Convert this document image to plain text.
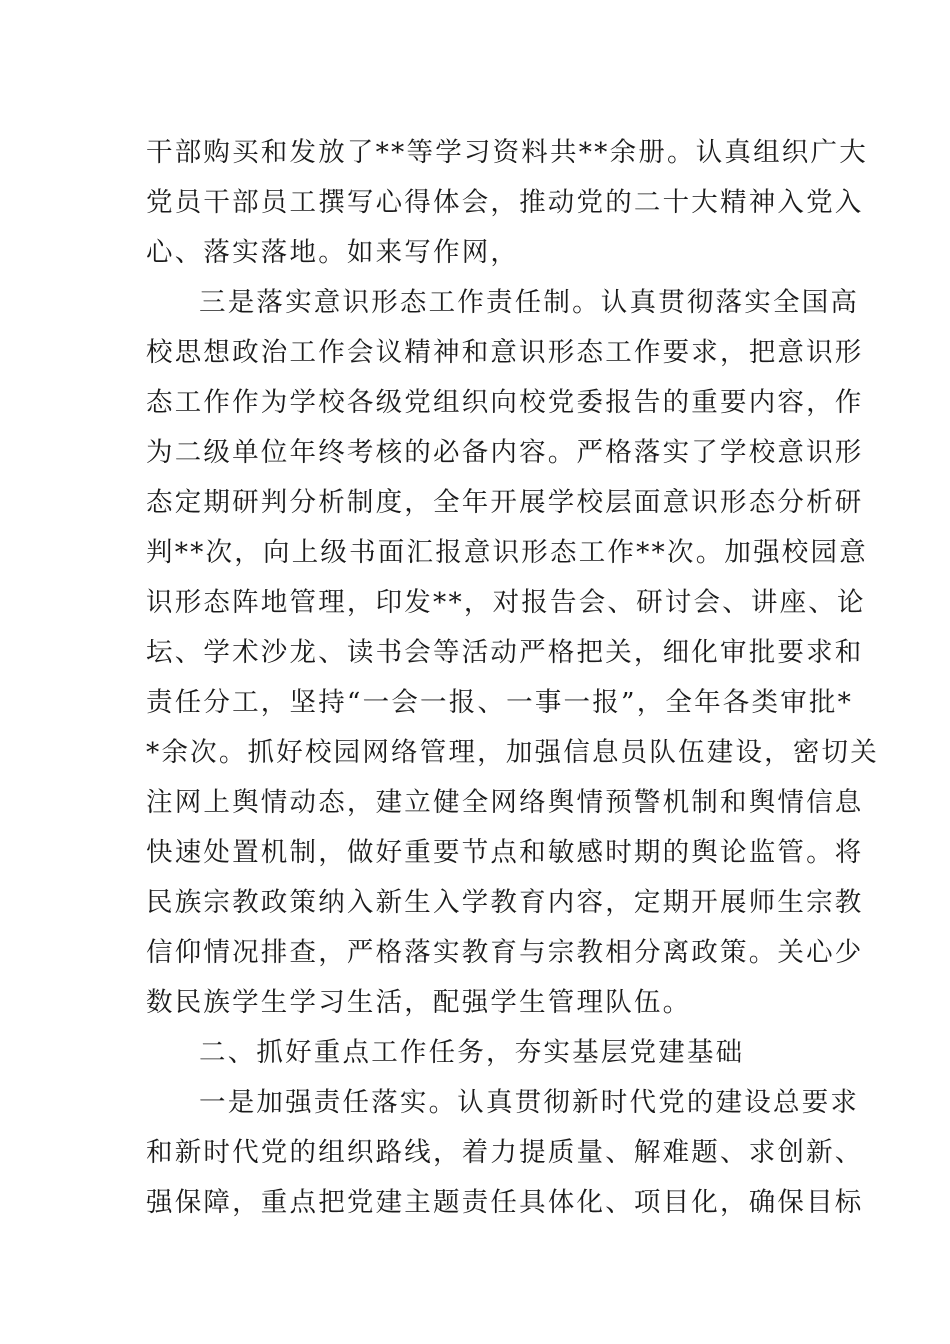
干部购买和发放了**等学习资料共**余册。认真组织广大
党员干部员工撰写心得体会，推动党的二十大精神入党入
心、落实落地。如来写作网，
三是落实意识形态工作责任制。认真贯彻落实全国高
校思想政治工作会议精神和意识形态工作要求，把意识形
态工作作为学校各级党组织向校党委报告的重要内容，作
为二级单位年终考核的必备内容。严格落实了学校意识形
态定期研判分析制度，全年开展学校层面意识形态分析研
判**次，向上级书面汇报意识形态工作**次。加强校园意
识形态阵地管理，印发**，对报告会、研讨会、讲座、论
坛、学术沙龙、读书会等活动严格把关，细化审批要求和
责任分工，坚持“一会一报、一事一报”，全年各类审批*
*余次。抓好校园网络管理，加强信息员队伍建设，密切关
注网上舆情动态，建立健全网络舆情预警机制和舆情信息
快速处置机制，做好重要节点和敏感时期的舆论监管。将
民族宗教政策纳入新生入学教育内容，定期开展师生宗教
信仰情况排查，严格落实教育与宗教相分离政策。关心少
数民族学生学习生活，配强学生管理队伍。
二、抓好重点工作任务，夯实基层党建基础
一是加强责任落实。认真贯彻新时代党的建设总要求
和新时代党的组织路线，着力提质量、解难题、求创新、
强保障，重点把党建主题责任具体化、项目化，确保目标
